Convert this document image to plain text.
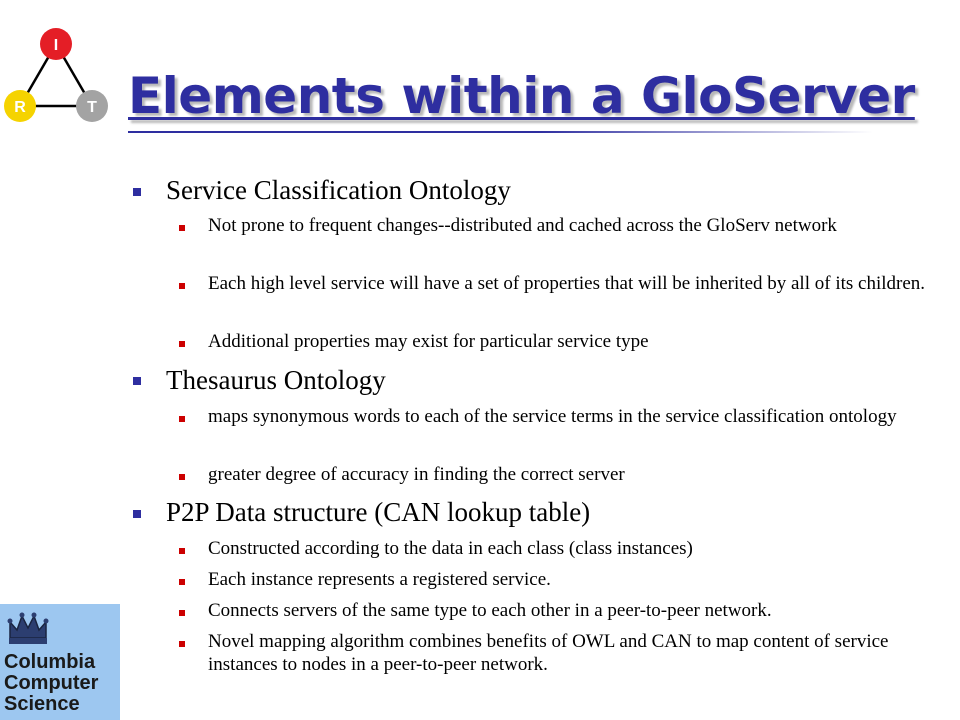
I
R	T Elements within a GloServer
Service Classification Ontology
Not prone to frequent changes--distributed and cached across the GloServ network
Each high level service will have a set of properties that will be inherited by all of its children.
Additional properties may exist for particular service type
Thesaurus Ontology
maps synonymous words to each of the service terms in the service classification ontology
greater degree of accuracy in finding the correct server
P2P Data structure (CAN lookup table)
Constructed according to the data in each class (class instances)
Each instance represents a registered service.
Connects servers of the same type to each other in a peer-to-peer network.
Novel mapping algorithm combines benefits of OWL and CAN to map content of service instances to nodes in a peer-to-peer network.
Columbia
Computer
Science
